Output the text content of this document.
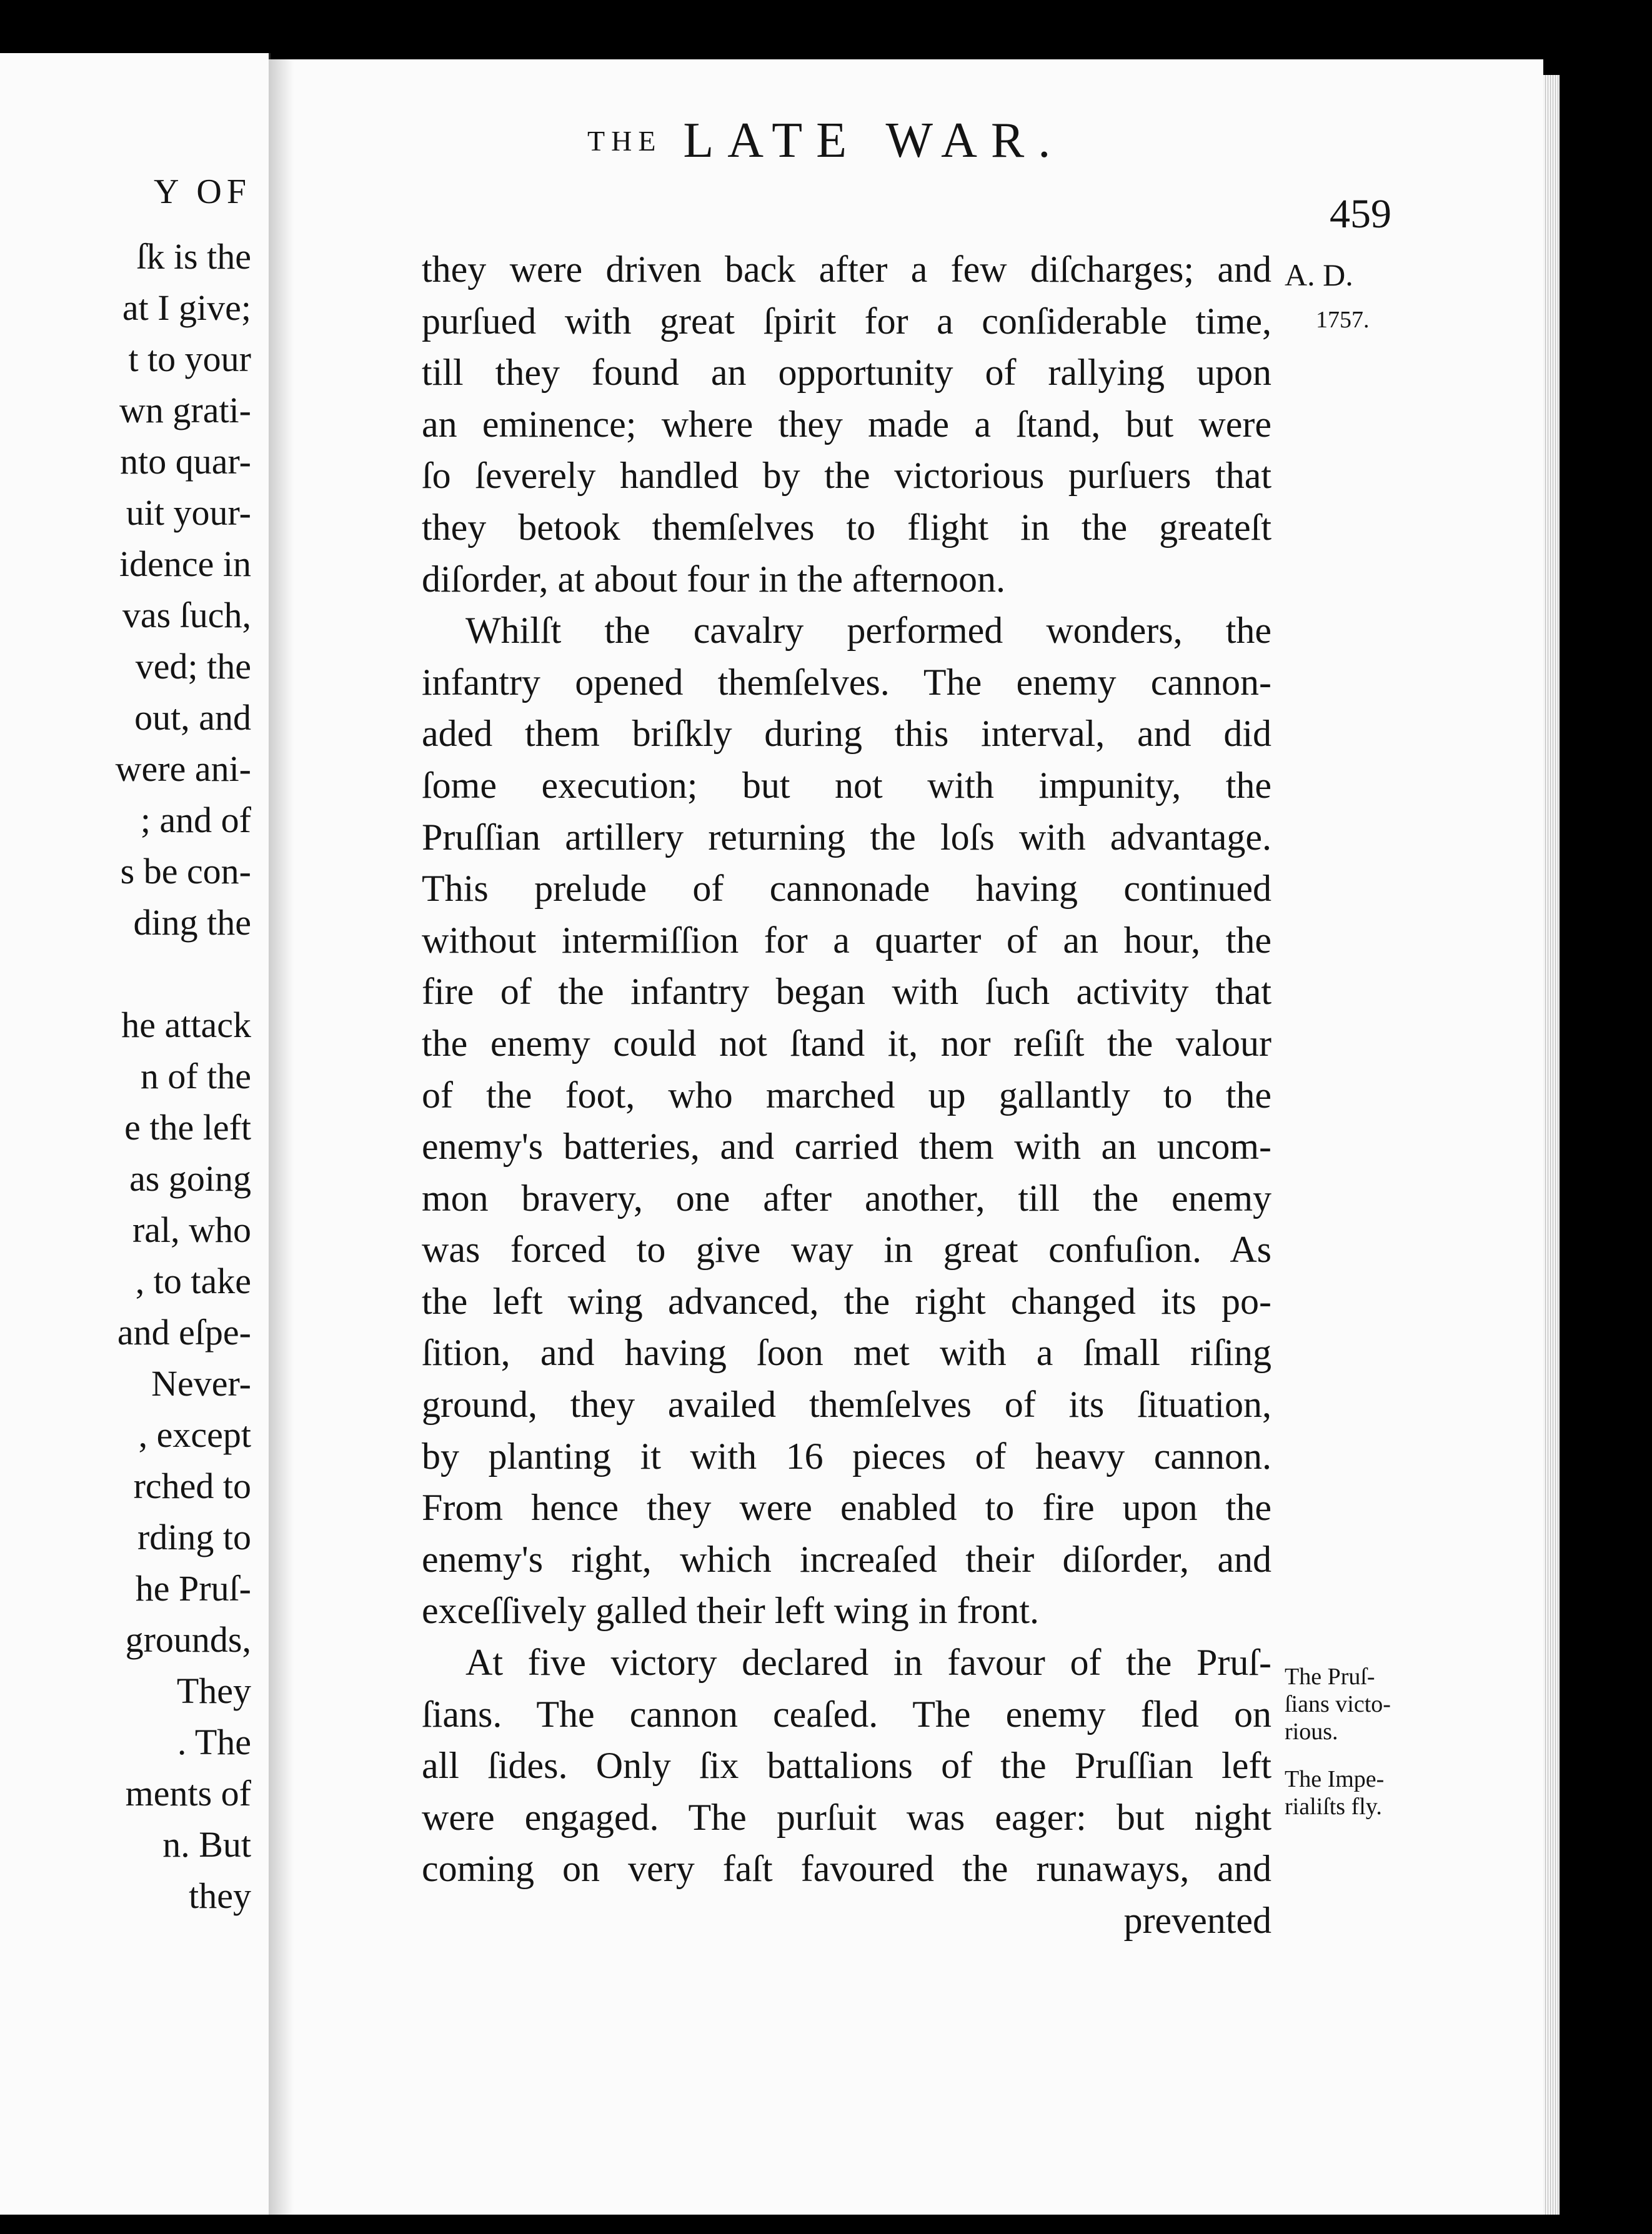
Y OF
ſk is the
at I give;
t to your
wn grati-
nto quar-
uit your-
idence in
vas ſuch,
ved; the
out, and
were ani-
; and of
s be con-
ding the
he attack
n of the
e the left
as going
ral, who
, to take
and eſpe-
Never-
, except
rched to
rding to
he Pruſ-
grounds,
They
. The
ments of
n. But
they
THE LATE WAR.
459
A. D.
1757.
The Pruſ-
ſians victo-
rious.
The Impe-
rialiſts fly.
they were driven back after a few diſcharges; and
purſued with great ſpirit for a conſiderable time,
till they found an opportunity of rallying upon
an eminence; where they made a ſtand, but were
ſo ſeverely handled by the victorious purſuers that
they betook themſelves to flight in the greateſt
diſorder, at about four in the afternoon.
Whilſt the cavalry performed wonders, the
infantry opened themſelves. The enemy cannon-
aded them briſkly during this interval, and did
ſome execution; but not with impunity, the
Pruſſian artillery returning the loſs with advantage.
This prelude of cannonade having continued
without intermiſſion for a quarter of an hour, the
fire of the infantry began with ſuch activity that
the enemy could not ſtand it, nor reſiſt the valour
of the foot, who marched up gallantly to the
enemy's batteries, and carried them with an uncom-
mon bravery, one after another, till the enemy
was forced to give way in great confuſion. As
the left wing advanced, the right changed its po-
ſition, and having ſoon met with a ſmall riſing
ground, they availed themſelves of its ſituation,
by planting it with 16 pieces of heavy cannon.
From hence they were enabled to fire upon the
enemy's right, which increaſed their diſorder, and
exceſſively galled their left wing in front.
At five victory declared in favour of the Pruſ-
ſians. The cannon ceaſed. The enemy fled on
all ſides. Only ſix battalions of the Pruſſian left
were engaged. The purſuit was eager: but night
coming on very faſt favoured the runaways, and
prevented
